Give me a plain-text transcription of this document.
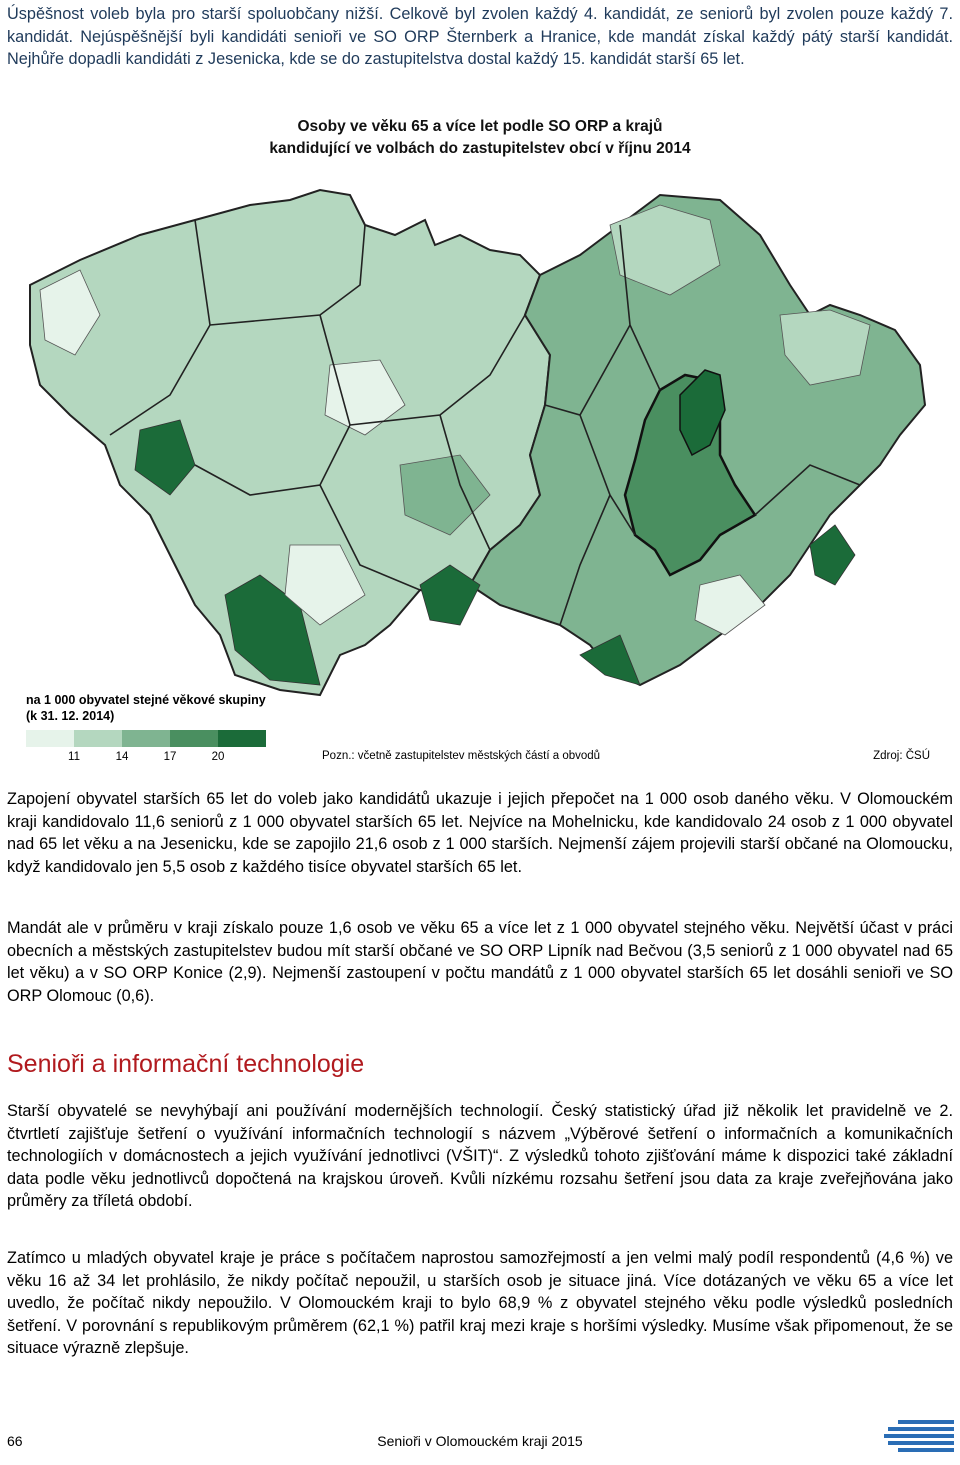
Úspěšnost voleb byla pro starší spoluobčany nižší. Celkově byl zvolen každý 4. kandidát, ze seniorů byl zvolen pouze každý 7. kandidát. Nejúspěšnější byli kandidáti senioři ve SO ORP Šternberk a Hranice, kde mandát získal každý pátý starší kandidát. Nejhůře dopadli kandidáti z Jesenicka, kde se do zastupitelstva dostal každý 15. kandidát starší 65 let.

Osoby ve věku 65 a více let podle SO ORP a krajů
kandidující ve volbách do zastupitelstev obcí v říjnu 2014
na 1 000 obyvatel stejné věkové skupiny
(k 31. 12. 2014)
11	14	17	20	Pozn.: včetně zastupitelstev městských částí a obvodů	Zdroj: ČSÚ

Zapojení obyvatel starších 65 let do voleb jako kandidátů ukazuje i jejich přepočet na 1 000 osob daného věku. V Olomouckém kraji kandidovalo 11,6 seniorů z 1 000 obyvatel starších 65 let. Nejvíce na Mohelnicku, kde kandidovalo 24 osob z 1 000 obyvatel nad 65 let věku a na Jesenicku, kde se zapojilo 21,6 osob z 1 000 starších. Nejmenší zájem projevili starší občané na Olomoucku, když kandidovalo jen 5,5 osob z každého tisíce obyvatel starších 65 let.

Mandát ale v průměru v kraji získalo pouze 1,6 osob ve věku 65 a více let z 1 000 obyvatel stejného věku. Největší účast v práci obecních a městských zastupitelstev budou mít starší občané ve SO ORP Lipník nad Bečvou (3,5 seniorů z 1 000 obyvatel nad 65 let věku) a v SO ORP Konice (2,9). Nejmenší zastoupení v počtu mandátů z 1 000 obyvatel starších 65 let dosáhli senioři ve SO ORP Olomouc (0,6).

Senioři a informační technologie

Starší obyvatelé se nevyhýbají ani používání modernějších technologií. Český statistický úřad již několik let pravidelně ve 2. čtvrtletí zajišťuje šetření o využívání informačních technologií s názvem „Výběrové šetření o informačních a komunikačních technologiích v domácnostech a jejich využívání jednotlivci (VŠIT)“. Z výsledků tohoto zjišťování máme k dispozici také základní data podle věku jednotlivců dopočtená na krajskou úroveň. Kvůli nízkému rozsahu šetření jsou data za kraje zveřejňována jako průměry za tříletá období.

Zatímco u mladých obyvatel kraje je práce s počítačem naprostou samozřejmostí a jen velmi malý podíl respondentů (4,6 %) ve věku 16 až 34 let prohlásilo, že nikdy počítač nepoužil, u starších osob je situace jiná. Více dotázaných ve věku 65 a více let uvedlo, že počítač nikdy nepoužilo. V Olomouckém kraji to bylo 68,9 % z obyvatel stejného věku podle výsledků posledních šetření. V porovnání s republikovým průměrem (62,1 %) patřil kraj mezi kraje s horšími výsledky. Musíme však připomenout, že se situace výrazně zlepšuje.

66	Senioři v Olomouckém kraji 2015
